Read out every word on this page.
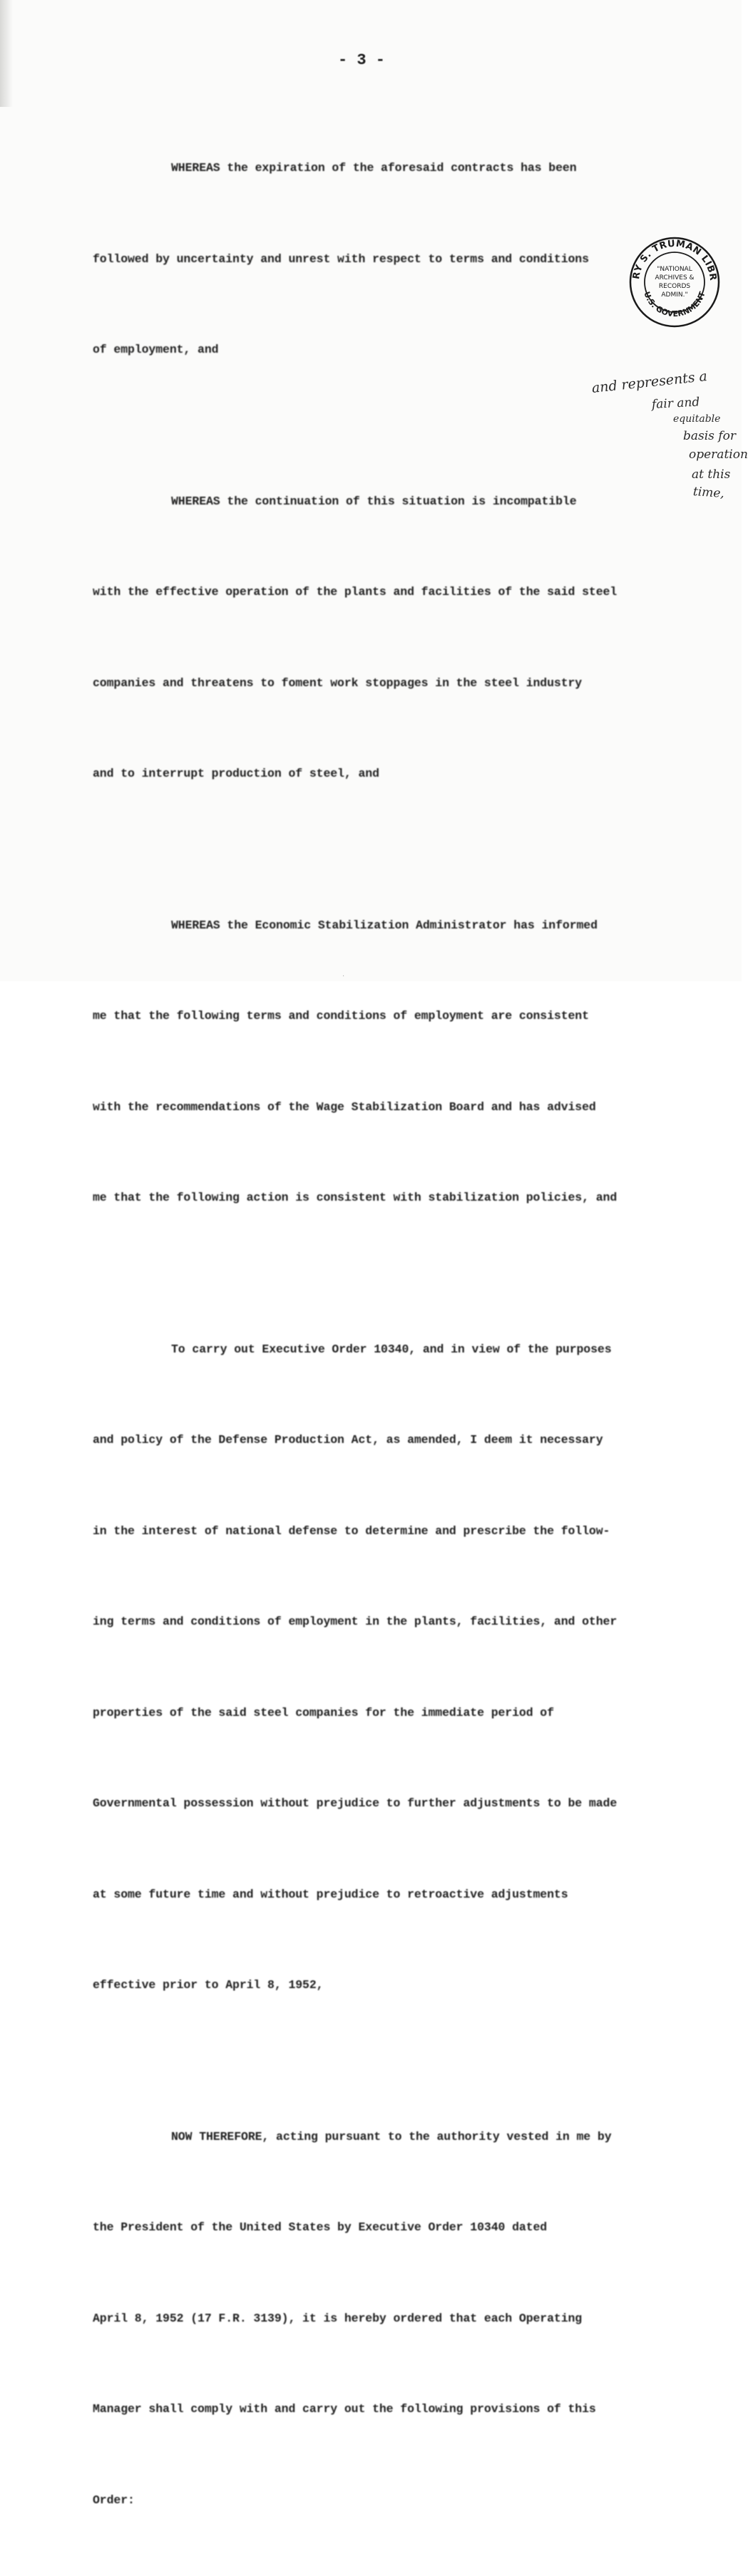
- 3 -

WHEREAS the expiration of the aforesaid contracts has been

followed by uncertainty and unrest with respect to terms and conditions

of employment, and

WHEREAS the continuation of this situation is incompatible

with the effective operation of the plants and facilities of the said steel

companies and threatens to foment work stoppages in the steel industry

and to interrupt production of steel, and

WHEREAS the Economic Stabilization Administrator has informed

me that the following terms and conditions of employment are consistent

with the recommendations of the Wage Stabilization Board and has advised

me that the following action is consistent with stabilization policies, and

To carry out Executive Order 10340, and in view of the purposes

and policy of the Defense Production Act, as amended, I deem it necessary

in the interest of national defense to determine and prescribe the follow-

ing terms and conditions of employment in the plants, facilities, and other

properties of the said steel companies for the immediate period of

Governmental possession without prejudice to further adjustments to be made

at some future time and without prejudice to retroactive adjustments

effective prior to April 8, 1952,

NOW THEREFORE, acting pursuant to the authority vested in me by

the President of the United States by Executive Order 10340 dated

April 8, 1952 (17 F.R. 3139), it is hereby ordered that each Operating

Manager shall comply with and carry out the following provisions of this

Order:

RY S. TRUMAN LIBR
U.S. GOVERNMENT
"NATIONAL
ARCHIVES &
RECORDS
ADMIN."
and represents a
fair and
equitable
basis for
operation
at this
time,
·
